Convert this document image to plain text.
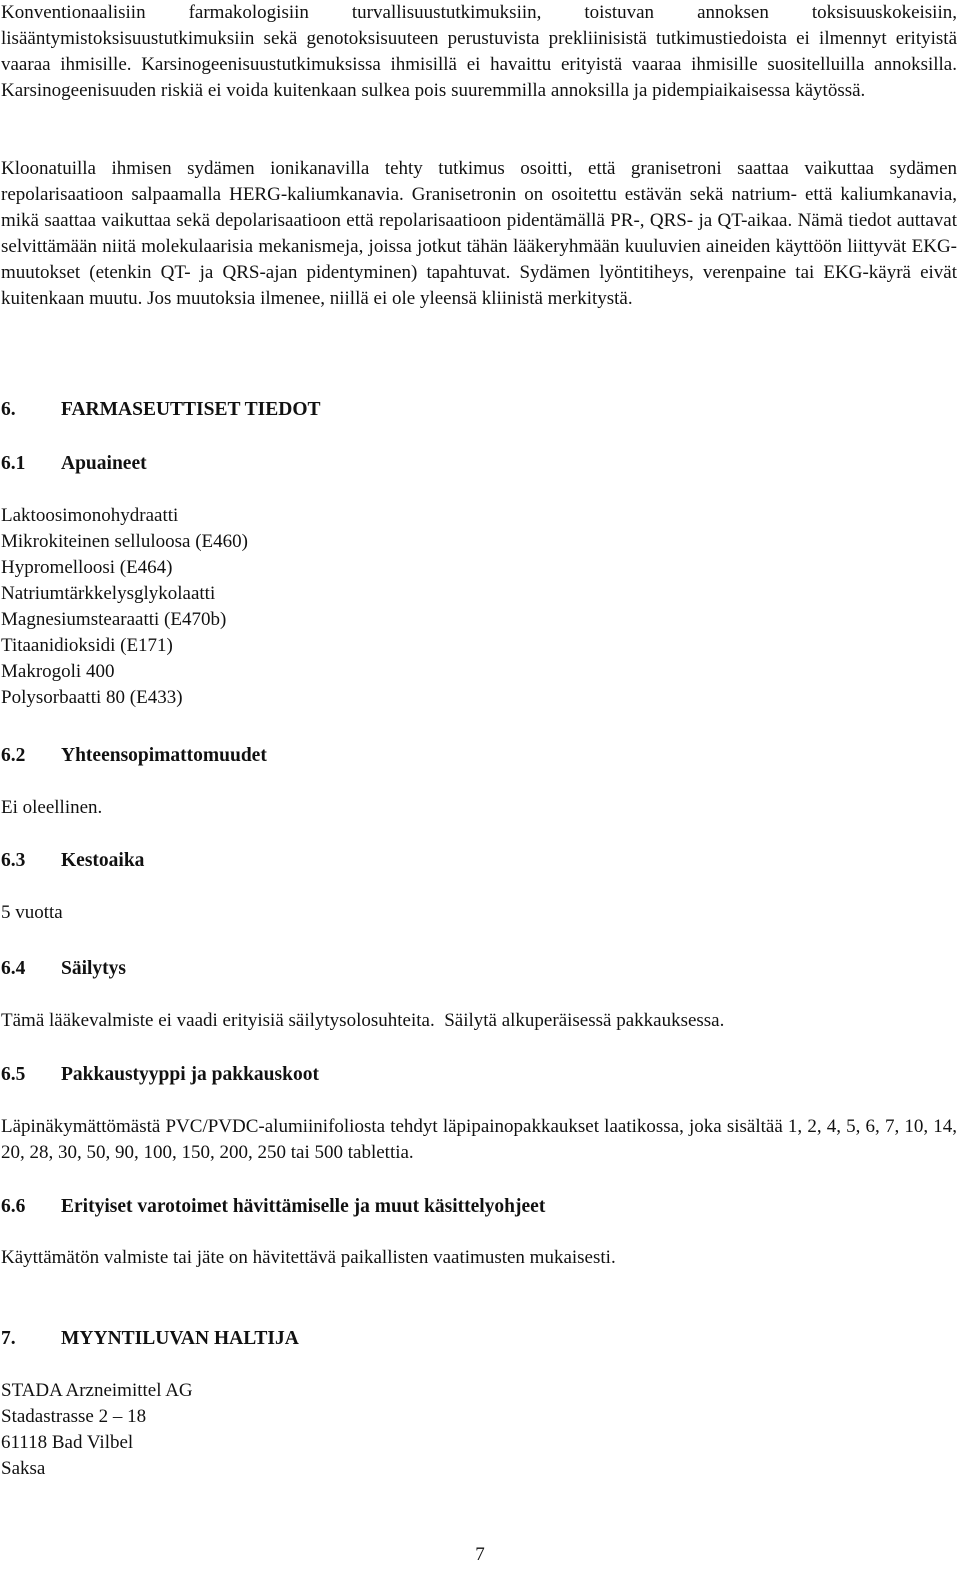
Konventionaalisiin farmakologisiin turvallisuustutkimuksiin, toistuvan annoksen toksisuuskokeisiin, lisääntymistoksisuustutkimuksiin sekä genotoksisuuteen perustuvista prekliinisistä tutkimustiedoista ei ilmennyt erityistä vaaraa ihmisille. Karsinogeenisuustutkimuksissa ihmisillä ei havaittu erityistä vaaraa ihmisille suositelluilla annoksilla. Karsinogeenisuuden riskiä ei voida kuitenkaan sulkea pois suuremmilla annoksilla ja pidempiaikaisessa käytössä.

Kloonatuilla ihmisen sydämen ionikanavilla tehty tutkimus osoitti, että granisetroni saattaa vaikuttaa sydämen repolarisaatioon salpaamalla HERG-kaliumkanavia. Granisetronin on osoitettu estävän sekä natrium- että kaliumkanavia, mikä saattaa vaikuttaa sekä depolarisaatioon että repolarisaatioon pidentämällä PR-, QRS- ja QT-aikaa. Nämä tiedot auttavat selvittämään niitä molekulaarisia mekanismeja, joissa jotkut tähän lääkeryhmään kuuluvien aineiden käyttöön liittyvät EKG-muutokset (etenkin QT- ja QRS-ajan pidentyminen) tapahtuvat. Sydämen lyöntitiheys, verenpaine tai EKG-käyrä eivät kuitenkaan muutu. Jos muutoksia ilmenee, niillä ei ole yleensä kliinistä merkitystä.

6. FARMASEUTTISET TIEDOT
6.1 Apuaineet
Laktoosimonohydraatti
Mikrokiteinen selluloosa (E460)
Hypromelloosi (E464)
Natriumtärkkelysglykolaatti
Magnesiumstearaatti (E470b)
Titaanidioksidi (E171)
Makrogoli 400
Polysorbaatti 80 (E433)
6.2 Yhteensopimattomuudet
Ei oleellinen.
6.3 Kestoaika
5 vuotta
6.4 Säilytys
Tämä lääkevalmiste ei vaadi erityisiä säilytysolosuhteita.  Säilytä alkuperäisessä pakkauksessa.
6.5 Pakkaustyyppi ja pakkauskoot

Läpinäkymättömästä PVC/PVDC-alumiinifoliosta tehdyt läpipainopakkaukset laatikossa, joka sisältää 1, 2, 4, 5, 6, 7, 10, 14, 20, 28, 30, 50, 90, 100, 150, 200, 250 tai 500 tablettia.

6.6 Erityiset varotoimet hävittämiselle ja muut käsittelyohjeet
Käyttämätön valmiste tai jäte on hävitettävä paikallisten vaatimusten mukaisesti.
7. MYYNTILUVAN HALTIJA
STADA Arzneimittel AG
Stadastrasse 2 – 18
61118 Bad Vilbel
Saksa
7
